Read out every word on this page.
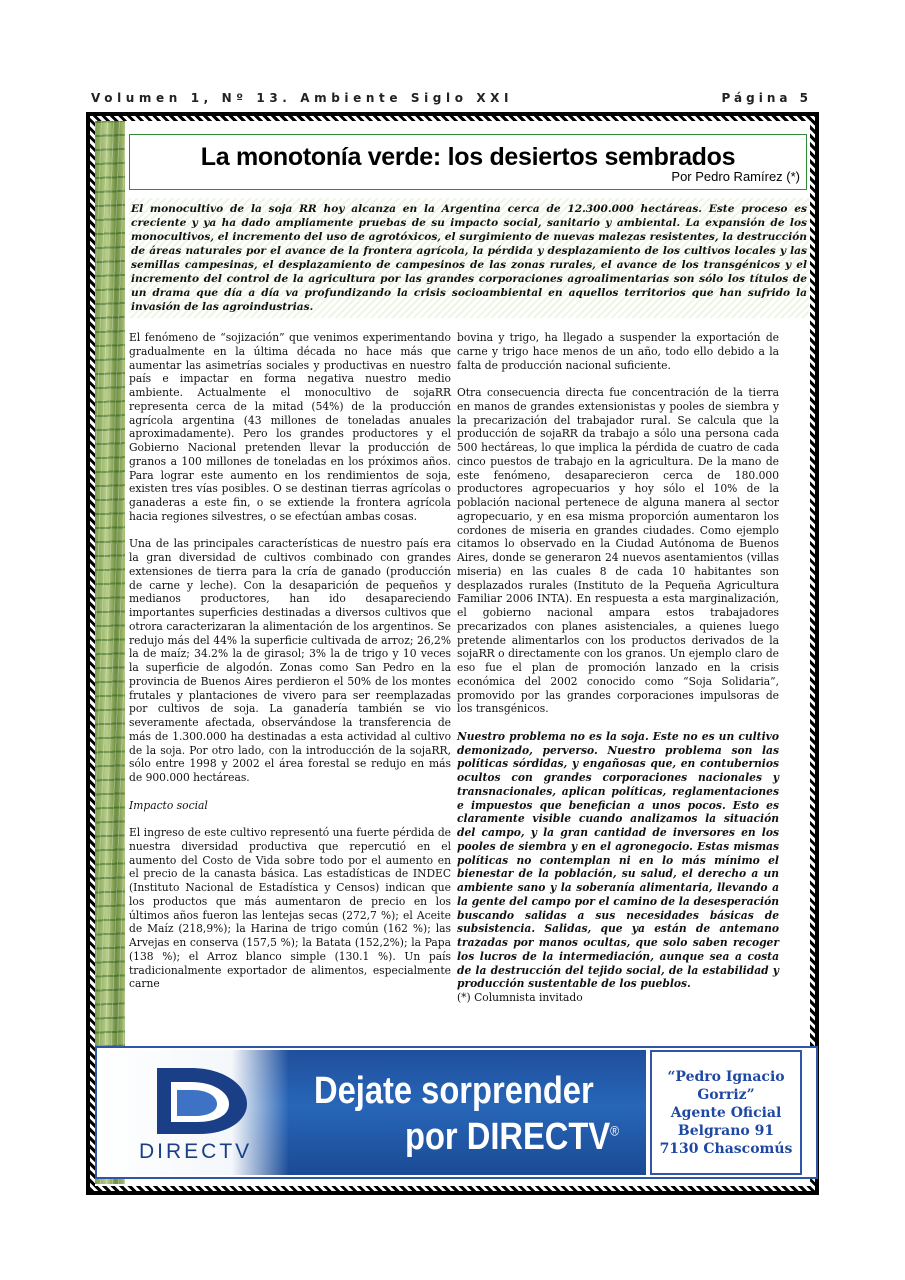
Volumen 1, Nº 13. Ambiente Siglo XXI	Página 5
La monotonía verde: los desiertos sembrados
Por Pedro Ramírez (*)
El monocultivo de la soja RR hoy alcanza en la Argentina cerca de 12.300.000 hectáreas. Este proceso es creciente y ya ha dado ampliamente pruebas de su impacto social, sanitario y ambiental. La expansión de los monocultivos, el incremento del uso de agrotóxicos, el surgimiento de nuevas malezas resistentes, la destrucción de áreas naturales por el avance de la frontera agrícola, la pérdida y desplazamiento de los cultivos locales y las semillas campesinas, el desplazamiento de campesinos de las zonas rurales, el avance de los transgénicos y el incremento del control de la agricultura por las grandes corporaciones agroalimentarias son sólo los títulos de un drama que día a día va profundizando la crisis socioambiental en aquellos territorios que han sufrido la invasión de las agroindustrias.

El fenómeno de “sojización” que venimos experimentando gradualmente en la última década no hace más que aumentar las asimetrías sociales y productivas en nuestro país e impactar en forma negativa nuestro medio ambiente. Actualmente el monocultivo de sojaRR representa cerca de la mitad (54%) de la producción agrícola argentina (43 millones de toneladas anuales aproximadamente). Pero los grandes productores y el Gobierno Nacional pretenden llevar la producción de granos a 100 millones de toneladas en los próximos años. Para lograr este aumento en los rendimientos de soja, existen tres vías posibles. O se destinan tierras agrícolas o ganaderas a este fin, o se extiende la frontera agrícola hacia regiones silvestres, o se efectúan ambas cosas.

Una de las principales características de nuestro país era la gran diversidad de cultivos combinado con grandes extensiones de tierra para la cría de ganado (producción de carne y leche). Con la desaparición de pequeños y medianos productores, han ido desapareciendo importantes superficies destinadas a diversos cultivos que otrora caracterizaran la alimentación de los argentinos. Se redujo más del 44% la superficie cultivada de arroz; 26,2% la de maíz; 34.2% la de girasol; 3% la de trigo y 10 veces la superficie de algodón. Zonas como San Pedro en la provincia de Buenos Aires perdieron el 50% de los montes frutales y plantaciones de vivero para ser reemplazadas por cultivos de soja. La ganadería también se vio severamente afectada, observándose la transferencia de más de 1.300.000 ha destinadas a esta actividad al cultivo de la soja. Por otro lado, con la introducción de la sojaRR, sólo entre 1998 y 2002 el área forestal se redujo en más de 900.000 hectáreas.

Impacto social

El ingreso de este cultivo representó una fuerte pérdida de nuestra diversidad productiva que repercutió en el aumento del Costo de Vida sobre todo por el aumento en el precio de la canasta básica. Las estadísticas de INDEC (Instituto Nacional de Estadística y Censos) indican que los productos que más aumentaron de precio en los últimos años fueron las lentejas secas (272,7 %); el Aceite de Maíz (218,9%); la Harina de trigo común (162 %); las Arvejas en conserva (157,5 %); la Batata (152,2%); la Papa (138 %); el Arroz blanco simple (130.1 %). Un país tradicionalmente exportador de alimentos, especialmente carne

bovina y trigo, ha llegado a suspender la exportación de carne y trigo hace menos de un año, todo ello debido a la falta de producción nacional suficiente.

Otra consecuencia directa fue concentración de la tierra en manos de grandes extensionistas y pooles de siembra y la precarización del trabajador rural. Se calcula que la producción de sojaRR da trabajo a sólo una persona cada 500 hectáreas, lo que implica la pérdida de cuatro de cada cinco puestos de trabajo en la agricultura. De la mano de este fenómeno, desaparecieron cerca de 180.000 productores agropecuarios y hoy sólo el 10% de la población nacional pertenece de alguna manera al sector agropecuario, y en esa misma proporción aumentaron los cordones de miseria en grandes ciudades. Como ejemplo citamos lo observado en la Ciudad Autónoma de Buenos Aires, donde se generaron 24 nuevos asentamientos (villas miseria) en las cuales 8 de cada 10 habitantes son desplazados rurales (Instituto de la Pequeña Agricultura Familiar 2006 INTA). En respuesta a esta marginalización, el gobierno nacional ampara estos trabajadores precarizados con planes asistenciales, a quienes luego pretende alimentarlos con los productos derivados de la sojaRR o directamente con los granos. Un ejemplo claro de eso fue el plan de promoción lanzado en la crisis económica del 2002 conocido como “Soja Solidaria”, promovido por las grandes corporaciones impulsoras de los transgénicos.

Nuestro problema no es la soja. Este no es un cultivo demonizado, perverso. Nuestro problema son las políticas sórdidas, y engañosas que, en contubernios ocultos con grandes corporaciones nacionales y transnacionales, aplican políticas, reglamentaciones e impuestos que benefician a unos pocos. Esto es claramente visible cuando analizamos la situación del campo, y la gran cantidad de inversores en los pooles de siembra y en el agronegocio. Estas mismas políticas no contemplan ni en lo más mínimo el bienestar de la población, su salud, el derecho a un ambiente sano y la soberanía alimentaria, llevando a la gente del campo por el camino de la desesperación buscando salidas a sus necesidades básicas de subsistencia. Salidas, que ya están de antemano trazadas por manos ocultas, que solo saben recoger los lucros de la intermediación, aunque sea a costa de la destrucción del tejido social, de la estabilidad y producción sustentable de los pueblos.

(*) Columnista invitado

DIRECTV
Dejate sorprender
por DIRECTV®
“Pedro Ignacio
Gorriz”
Agente Oficial
Belgrano 91
7130 Chascomús
